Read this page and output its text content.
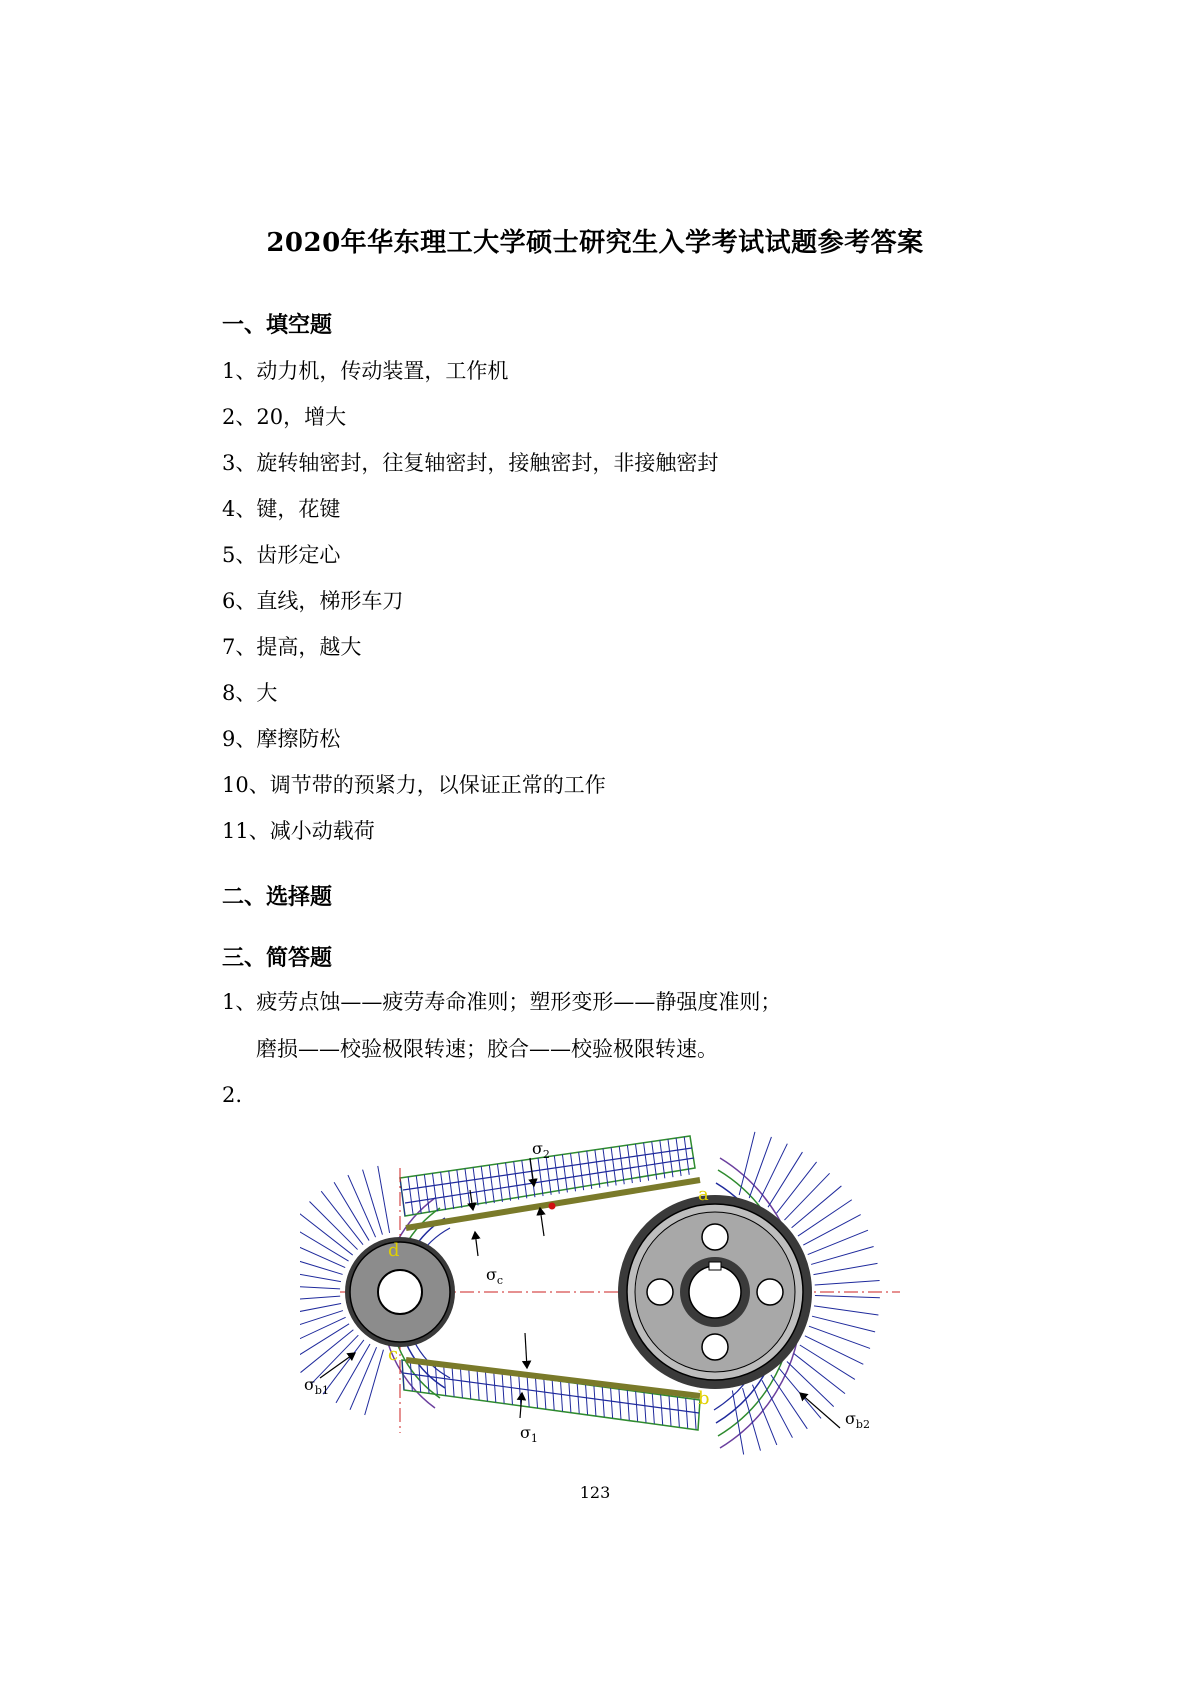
2020年华东理工大学硕士研究生入学考试试题参考答案
一、填空题
1、动力机，传动装置，工作机
2、20，增大
3、旋转轴密封，往复轴密封，接触密封，非接触密封
4、键，花键
5、齿形定心
6、直线，梯形车刀
7、提高，越大
8、大
9、摩擦防松
10、调节带的预紧力，以保证正常的工作
11、减小动载荷
二、选择题
三、简答题
1、疲劳点蚀——疲劳寿命准则；塑形变形——静强度准则；
磨损——校验极限转速；胶合——校验极限转速。
2.
$\sigma_2$
$\sigma_c$
$\sigma_{b1}$
$\sigma_1$
$\sigma_{b2}$
a
b
c
d
123
